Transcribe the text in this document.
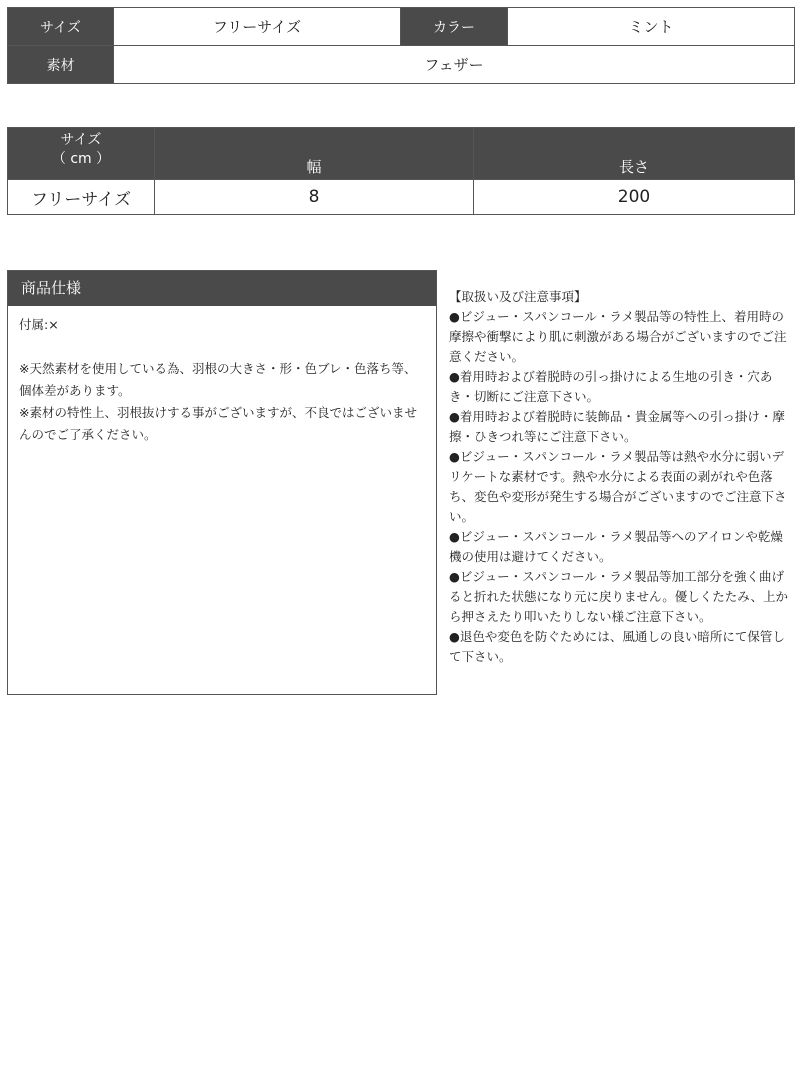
サイズ	フリーサイズ	カラー	ミント
素材	フェザー		
サイズ
（ cm ）	幅	長さ
フリーサイズ	8	200
商品仕様
付属:×
※天然素材を使用している為、羽根の大きさ・形・色ブレ・色落ち等、個体差があります。
※素材の特性上、羽根抜けする事がございますが、不良ではございませんのでご了承ください。
【取扱い及び注意事項】
●ビジュー・スパンコール・ラメ製品等の特性上、着用時の摩擦や衝撃により肌に刺激がある場合がございますのでご注意ください。
●着用時および着脱時の引っ掛けによる生地の引き・穴あき・切断にご注意下さい。
●着用時および着脱時に装飾品・貴金属等への引っ掛け・摩擦・ひきつれ等にご注意下さい。
●ビジュー・スパンコール・ラメ製品等は熱や水分に弱いデリケートな素材です。熱や水分による表面の剥がれや色落ち、変色や変形が発生する場合がございますのでご注意下さい。
●ビジュー・スパンコール・ラメ製品等へのアイロンや乾燥機の使用は避けてください。
●ビジュー・スパンコール・ラメ製品等加工部分を強く曲げると折れた状態になり元に戻りません。優しくたたみ、上から押さえたり叩いたりしない様ご注意下さい。
●退色や変色を防ぐためには、風通しの良い暗所にて保管して下さい。
